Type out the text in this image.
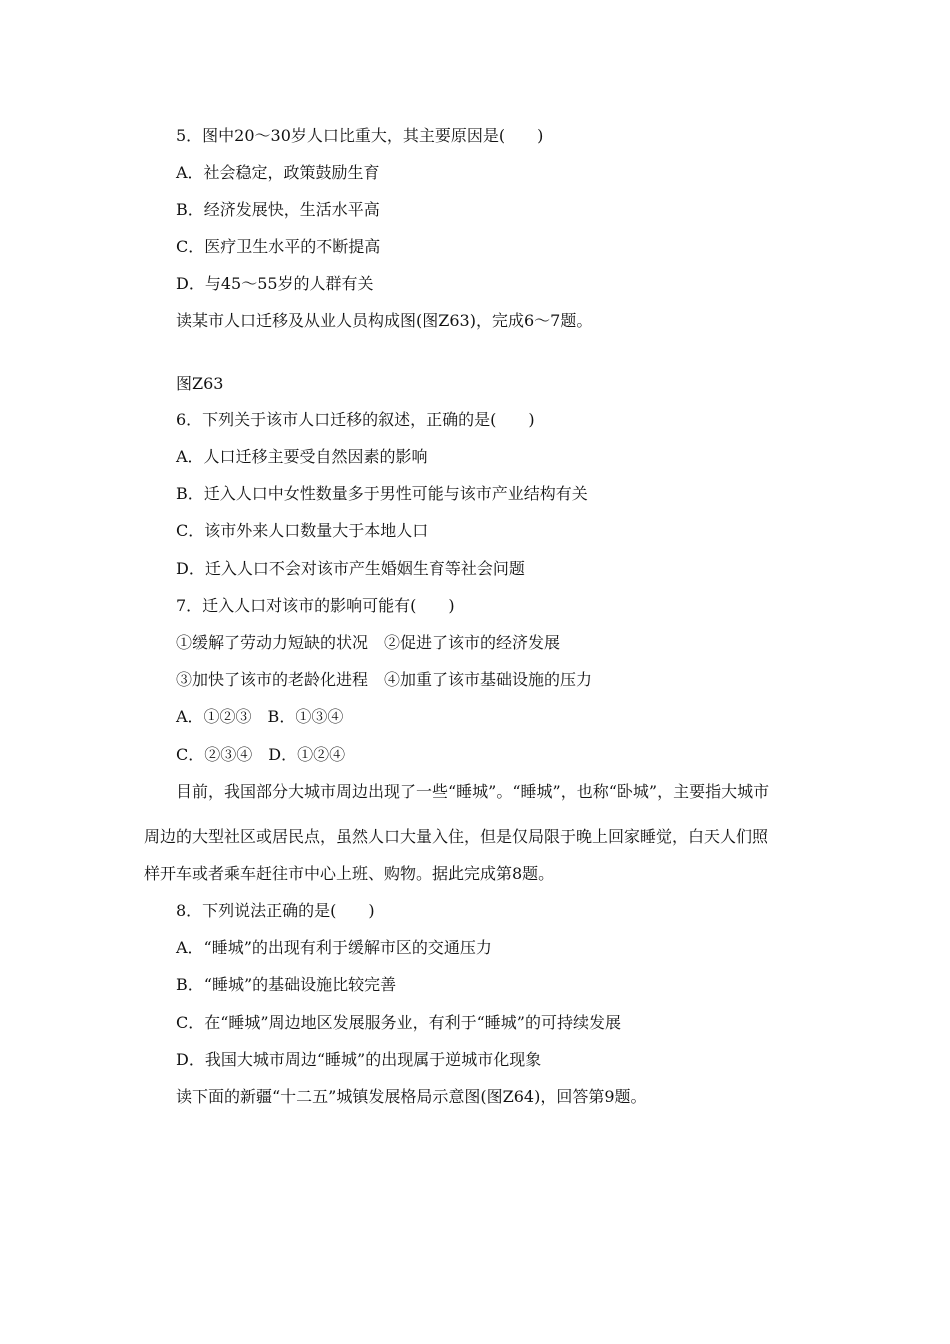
5．图中20～30岁人口比重大，其主要原因是(　　)
A．社会稳定，政策鼓励生育
B．经济发展快，生活水平高
C．医疗卫生水平的不断提高
D．与45～55岁的人群有关
读某市人口迁移及从业人员构成图(图Z63)，完成6～7题。
图Z63
6．下列关于该市人口迁移的叙述，正确的是(　　)
A．人口迁移主要受自然因素的影响
B．迁入人口中女性数量多于男性可能与该市产业结构有关
C．该市外来人口数量大于本地人口
D．迁入人口不会对该市产生婚姻生育等社会问题
7．迁入人口对该市的影响可能有(　　)
①缓解了劳动力短缺的状况　②促进了该市的经济发展
③加快了该市的老龄化进程　④加重了该市基础设施的压力
A．①②③　B．①③④
C．②③④　D．①②④
目前，我国部分大城市周边出现了一些“睡城”。“睡城”，也称“卧城”，主要指大城市
周边的大型社区或居民点，虽然人口大量入住，但是仅局限于晚上回家睡觉，白天人们照
样开车或者乘车赶往市中心上班、购物。据此完成第8题。
8．下列说法正确的是(　　)
A．“睡城”的出现有利于缓解市区的交通压力
B．“睡城”的基础设施比较完善
C．在“睡城”周边地区发展服务业，有利于“睡城”的可持续发展
D．我国大城市周边“睡城”的出现属于逆城市化现象
读下面的新疆“十二五”城镇发展格局示意图(图Z64)，回答第9题。
